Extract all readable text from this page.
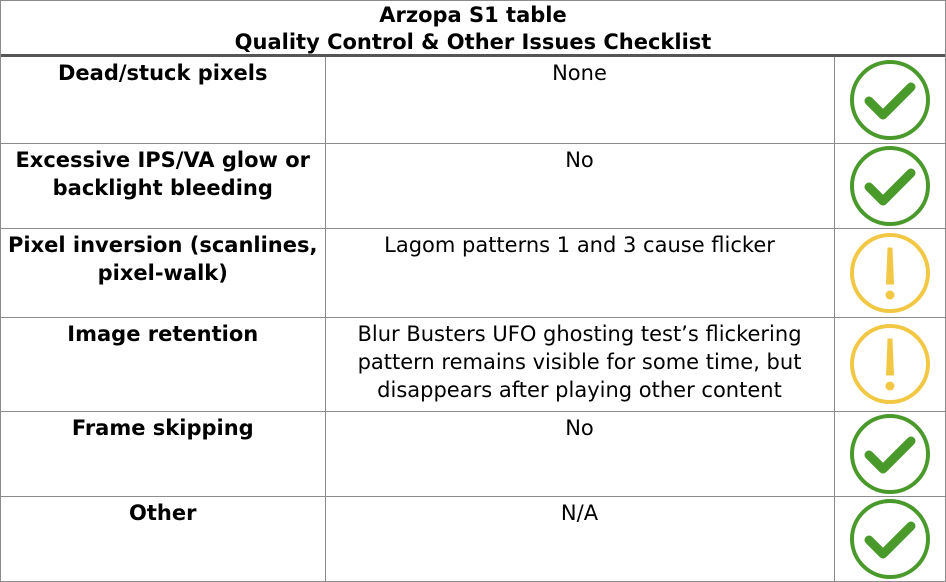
Arzopa S1 table
Quality Control & Other Issues Checklist
Dead/stuck pixels	None	

Excessive IPS/VA glow or backlight bleeding	No	

Pixel inversion (scanlines, pixel-walk)	Lagom patterns 1 and 3 cause flicker	

Image retention	Blur Busters UFO ghosting test’s flickering pattern remains visible for some time, but disappears after playing other content	

Frame skipping	No	

Other	N/A	
